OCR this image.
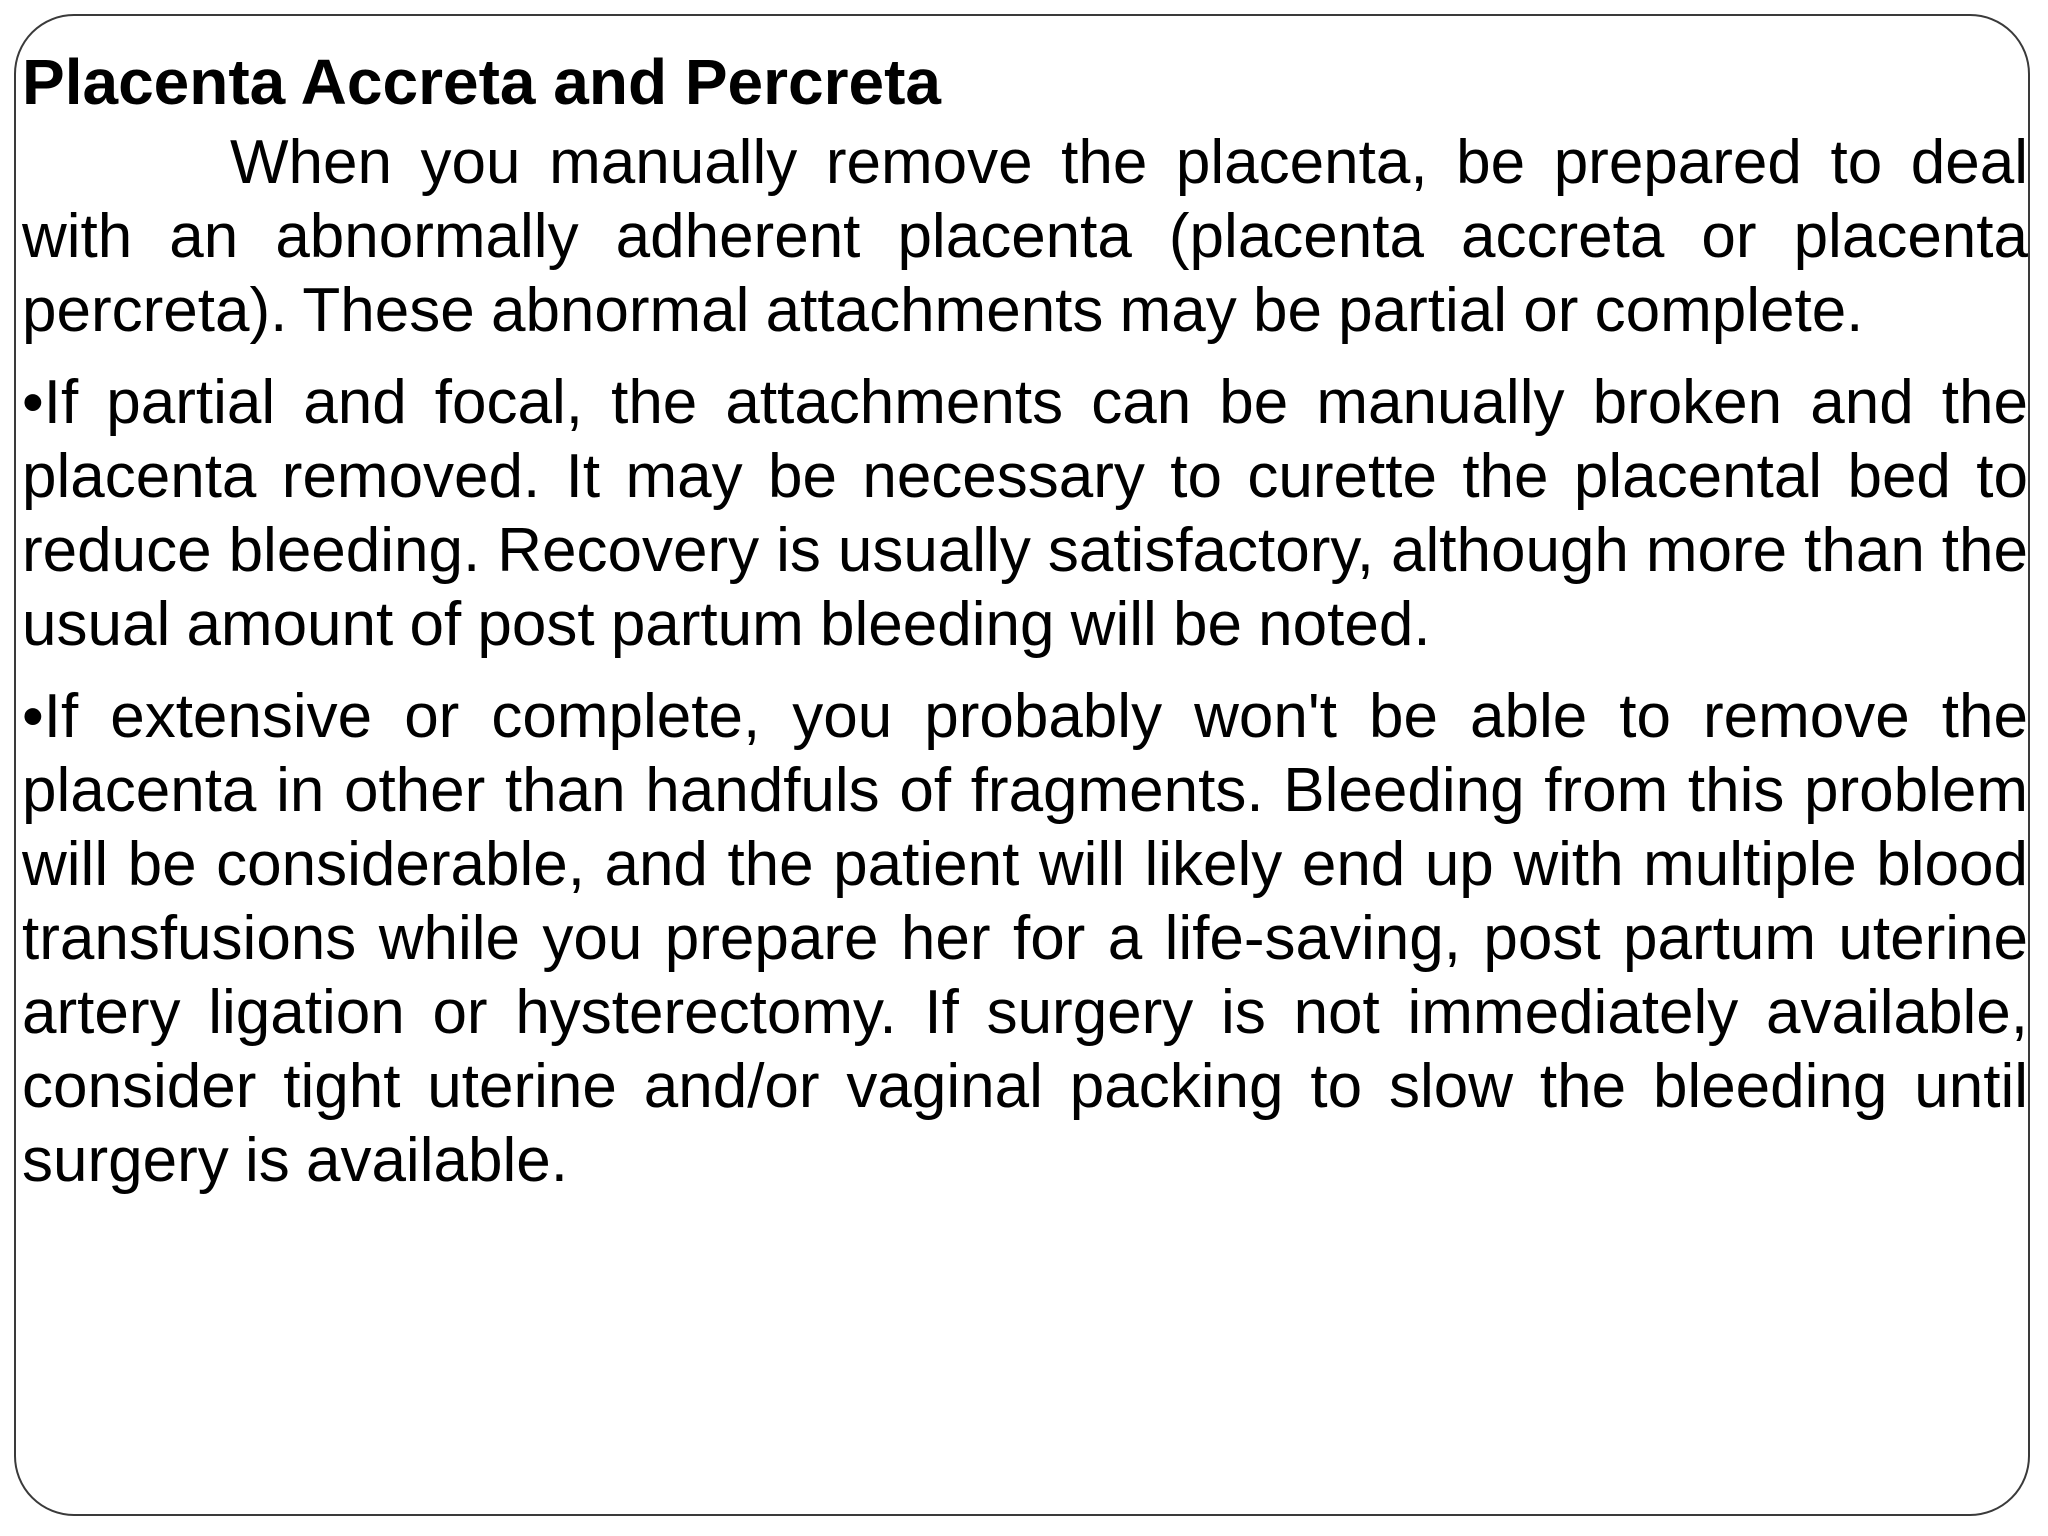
Placenta Accreta and Percreta

When you manually remove the placenta, be prepared to deal with an abnormally adherent placenta (placenta accreta or placenta percreta). These abnormal attachments may be partial or complete.

•If partial and focal, the attachments can be manually broken and the placenta removed. It may be necessary to curette the placental bed to reduce bleeding. Recovery is usually satisfactory, although more than the usual amount of post partum bleeding will be noted.

•If extensive or complete, you probably won't be able to remove the placenta in other than handfuls of fragments. Bleeding from this problem will be considerable, and the patient will likely end up with multiple blood transfusions while you prepare her for a life-saving, post partum uterine artery ligation or hysterectomy. If surgery is not immediately available, consider tight uterine and/or vaginal packing to slow the bleeding until surgery is available.
